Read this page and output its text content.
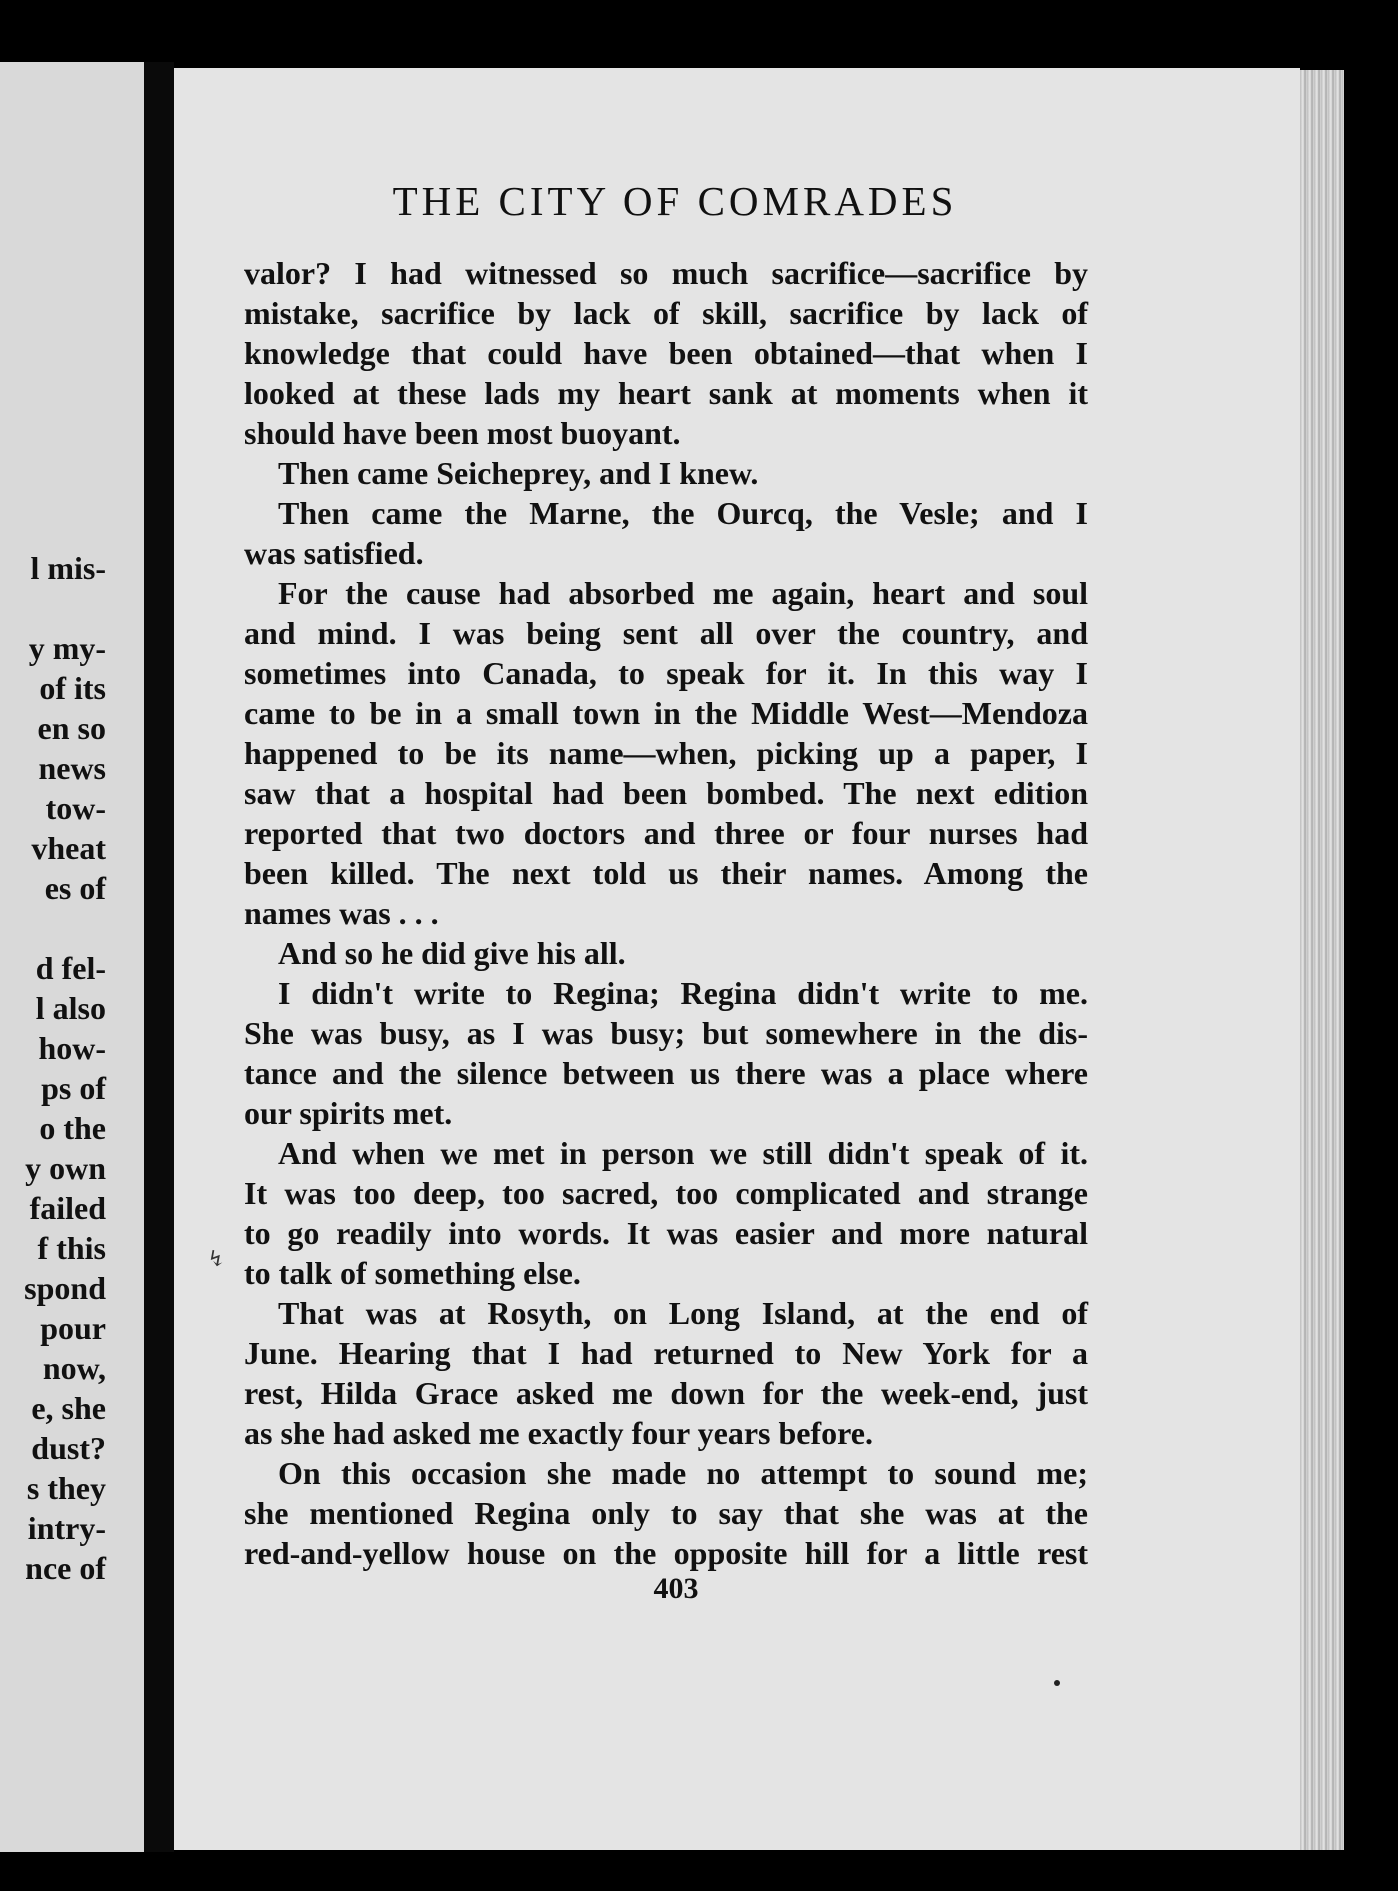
l mis-
y my-
of its
en so
news
tow-
vheat
es of
d fel-
l also
how-
ps of
o the
y own
failed
f this
spond
pour
now,
e, she
dust?
s they
intry-
nce of
THE CITY OF COMRADES
valor? I had witnessed so much sacrifice—sacrifice by
mistake, sacrifice by lack of skill, sacrifice by lack of
knowledge that could have been obtained—that when I
looked at these lads my heart sank at moments when it
should have been most buoyant.
Then came Seicheprey, and I knew.
Then came the Marne, the Ourcq, the Vesle; and I
was satisfied.
For the cause had absorbed me again, heart and soul
and mind. I was being sent all over the country, and
sometimes into Canada, to speak for it. In this way I
came to be in a small town in the Middle West—Mendoza
happened to be its name—when, picking up a paper, I
saw that a hospital had been bombed. The next edition
reported that two doctors and three or four nurses had
been killed. The next told us their names. Among the
names was . . .
And so he did give his all.
I didn't write to Regina; Regina didn't write to me.
She was busy, as I was busy; but somewhere in the dis-
tance and the silence between us there was a place where
our spirits met.
And when we met in person we still didn't speak of it.
It was too deep, too sacred, too complicated and strange
to go readily into words. It was easier and more natural
to talk of something else.
That was at Rosyth, on Long Island, at the end of
June. Hearing that I had returned to New York for a
rest, Hilda Grace asked me down for the week-end, just
as she had asked me exactly four years before.
On this occasion she made no attempt to sound me;
she mentioned Regina only to say that she was at the
red-and-yellow house on the opposite hill for a little rest
↯
403
